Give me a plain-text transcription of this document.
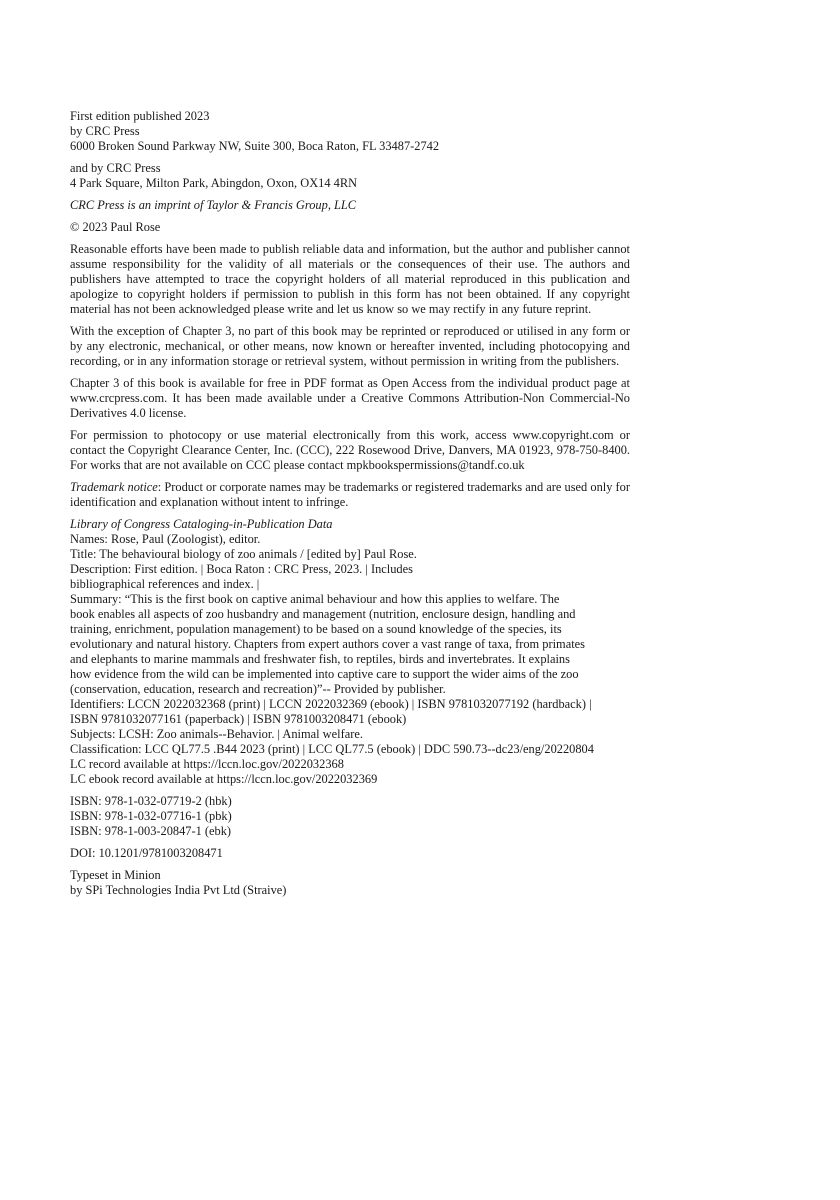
First edition published 2023
by CRC Press
6000 Broken Sound Parkway NW, Suite 300, Boca Raton, FL 33487-2742
and by CRC Press
4 Park Square, Milton Park, Abingdon, Oxon, OX14 4RN
CRC Press is an imprint of Taylor & Francis Group, LLC
© 2023 Paul Rose
Reasonable efforts have been made to publish reliable data and information, but the author and publisher cannot assume responsibility for the validity of all materials or the consequences of their use. The authors and publishers have attempted to trace the copyright holders of all material reproduced in this publication and apologize to copyright holders if permission to publish in this form has not been obtained. If any copyright material has not been acknowledged please write and let us know so we may rectify in any future reprint.
With the exception of Chapter 3, no part of this book may be reprinted or reproduced or utilised in any form or by any electronic, mechanical, or other means, now known or hereafter invented, including photocopying and recording, or in any information storage or retrieval system, without permission in writing from the publishers.
Chapter 3 of this book is available for free in PDF format as Open Access from the individual product page at www.crcpress.com. It has been made available under a Creative Commons Attribution-Non Commercial-No Derivatives 4.0 license.
For permission to photocopy or use material electronically from this work, access www.copyright.com or contact the Copyright Clearance Center, Inc. (CCC), 222 Rosewood Drive, Danvers, MA 01923, 978-750-8400. For works that are not available on CCC please contact mpkbookspermissions@tandf.co.uk
Trademark notice: Product or corporate names may be trademarks or registered trademarks and are used only for identification and explanation without intent to infringe.
Library of Congress Cataloging-in-Publication Data
Names: Rose, Paul (Zoologist), editor.
Title: The behavioural biology of zoo animals / [edited by] Paul Rose.
Description: First edition. | Boca Raton : CRC Press, 2023. | Includes
bibliographical references and index. |
Summary: “This is the first book on captive animal behaviour and how this applies to welfare. The
book enables all aspects of zoo husbandry and management (nutrition, enclosure design, handling and
training, enrichment, population management) to be based on a sound knowledge of the species, its
evolutionary and natural history. Chapters from expert authors cover a vast range of taxa, from primates
and elephants to marine mammals and freshwater fish, to reptiles, birds and invertebrates. It explains
how evidence from the wild can be implemented into captive care to support the wider aims of the zoo
(conservation, education, research and recreation)”-- Provided by publisher.
Identifiers: LCCN 2022032368 (print) | LCCN 2022032369 (ebook) | ISBN 9781032077192 (hardback) |
ISBN 9781032077161 (paperback) | ISBN 9781003208471 (ebook)
Subjects: LCSH: Zoo animals--Behavior. | Animal welfare.
Classification: LCC QL77.5 .B44 2023 (print) | LCC QL77.5 (ebook) | DDC 590.73--dc23/eng/20220804
LC record available at https://lccn.loc.gov/2022032368
LC ebook record available at https://lccn.loc.gov/2022032369
ISBN: 978-1-032-07719-2 (hbk)
ISBN: 978-1-032-07716-1 (pbk)
ISBN: 978-1-003-20847-1 (ebk)
DOI: 10.1201/9781003208471
Typeset in Minion
by SPi Technologies India Pvt Ltd (Straive)
